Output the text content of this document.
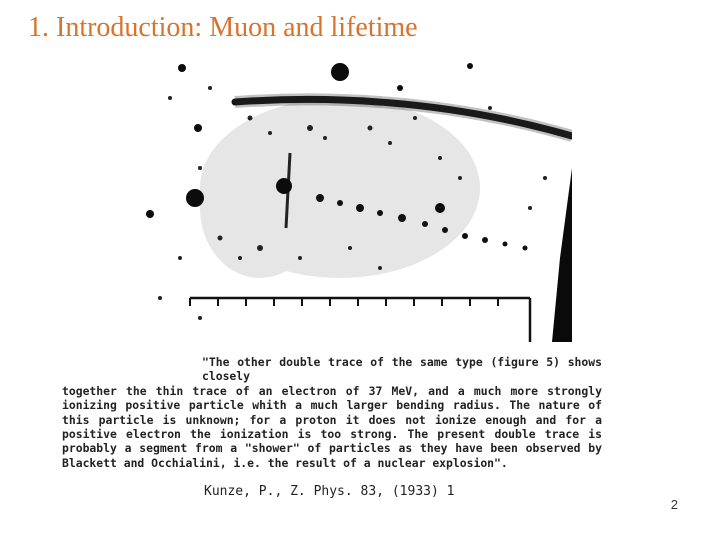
1. Introduction: Muon and lifetime
"The other double trace of the same type (figure 5) shows closely
together the thin trace of an electron of 37 MeV, and a much more strongly ionizing positive particle whith a much larger bending radius. The nature of this particle is unknown; for a proton it does not ionize enough and for a positive electron the ionization is too strong. The present double trace is probably a segment from a "shower" of particles as they have been observed by Blackett and Occhialini, i.e. the result of a nuclear explosion".
Kunze, P., Z. Phys. 83, (1933) 1
2
